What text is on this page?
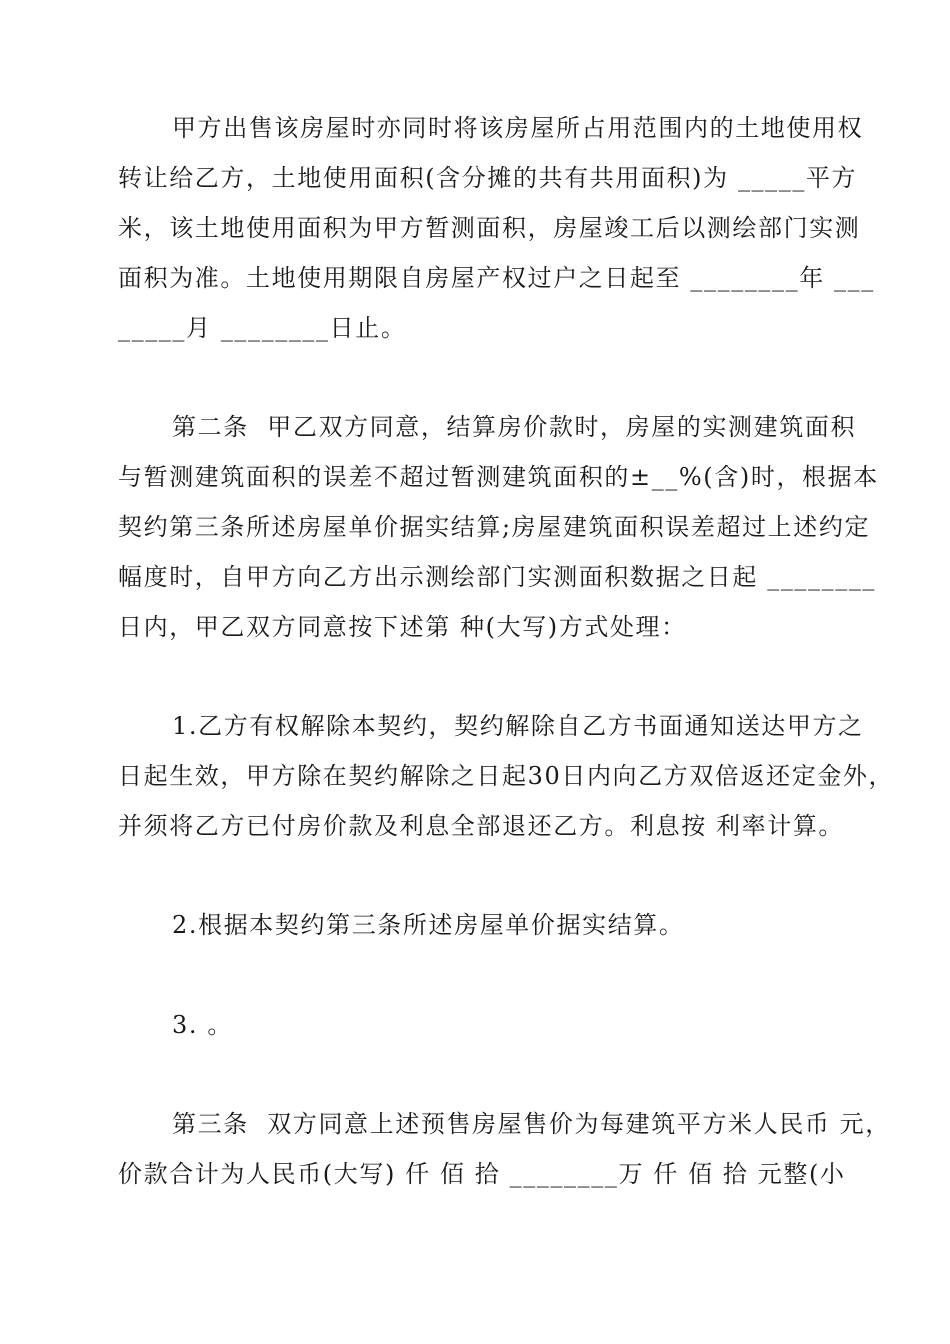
甲方出售该房屋时亦同时将该房屋所占用范围内的土地使用权
转让给乙方，土地使用面积(含分摊的共有共用面积)为 _____平方
米，该土地使用面积为甲方暂测面积，房屋竣工后以测绘部门实测
面积为准。土地使用期限自房屋产权过户之日起至 ________年 ___
_____月 ________日止。
第二条  甲乙双方同意，结算房价款时，房屋的实测建筑面积
与暂测建筑面积的误差不超过暂测建筑面积的±__%(含)时，根据本
契约第三条所述房屋单价据实结算;房屋建筑面积误差超过上述约定
幅度时，自甲方向乙方出示测绘部门实测面积数据之日起 ________
日内，甲乙双方同意按下述第 种(大写)方式处理：
1.乙方有权解除本契约，契约解除自乙方书面通知送达甲方之
日起生效，甲方除在契约解除之日起30日内向乙方双倍返还定金外，
并须将乙方已付房价款及利息全部退还乙方。利息按 利率计算。
2.根据本契约第三条所述房屋单价据实结算。
3. 。
第三条  双方同意上述预售房屋售价为每建筑平方米人民币 元，
价款合计为人民币(大写) 仟 佰 拾 ________万 仟 佰 拾 元整(小
